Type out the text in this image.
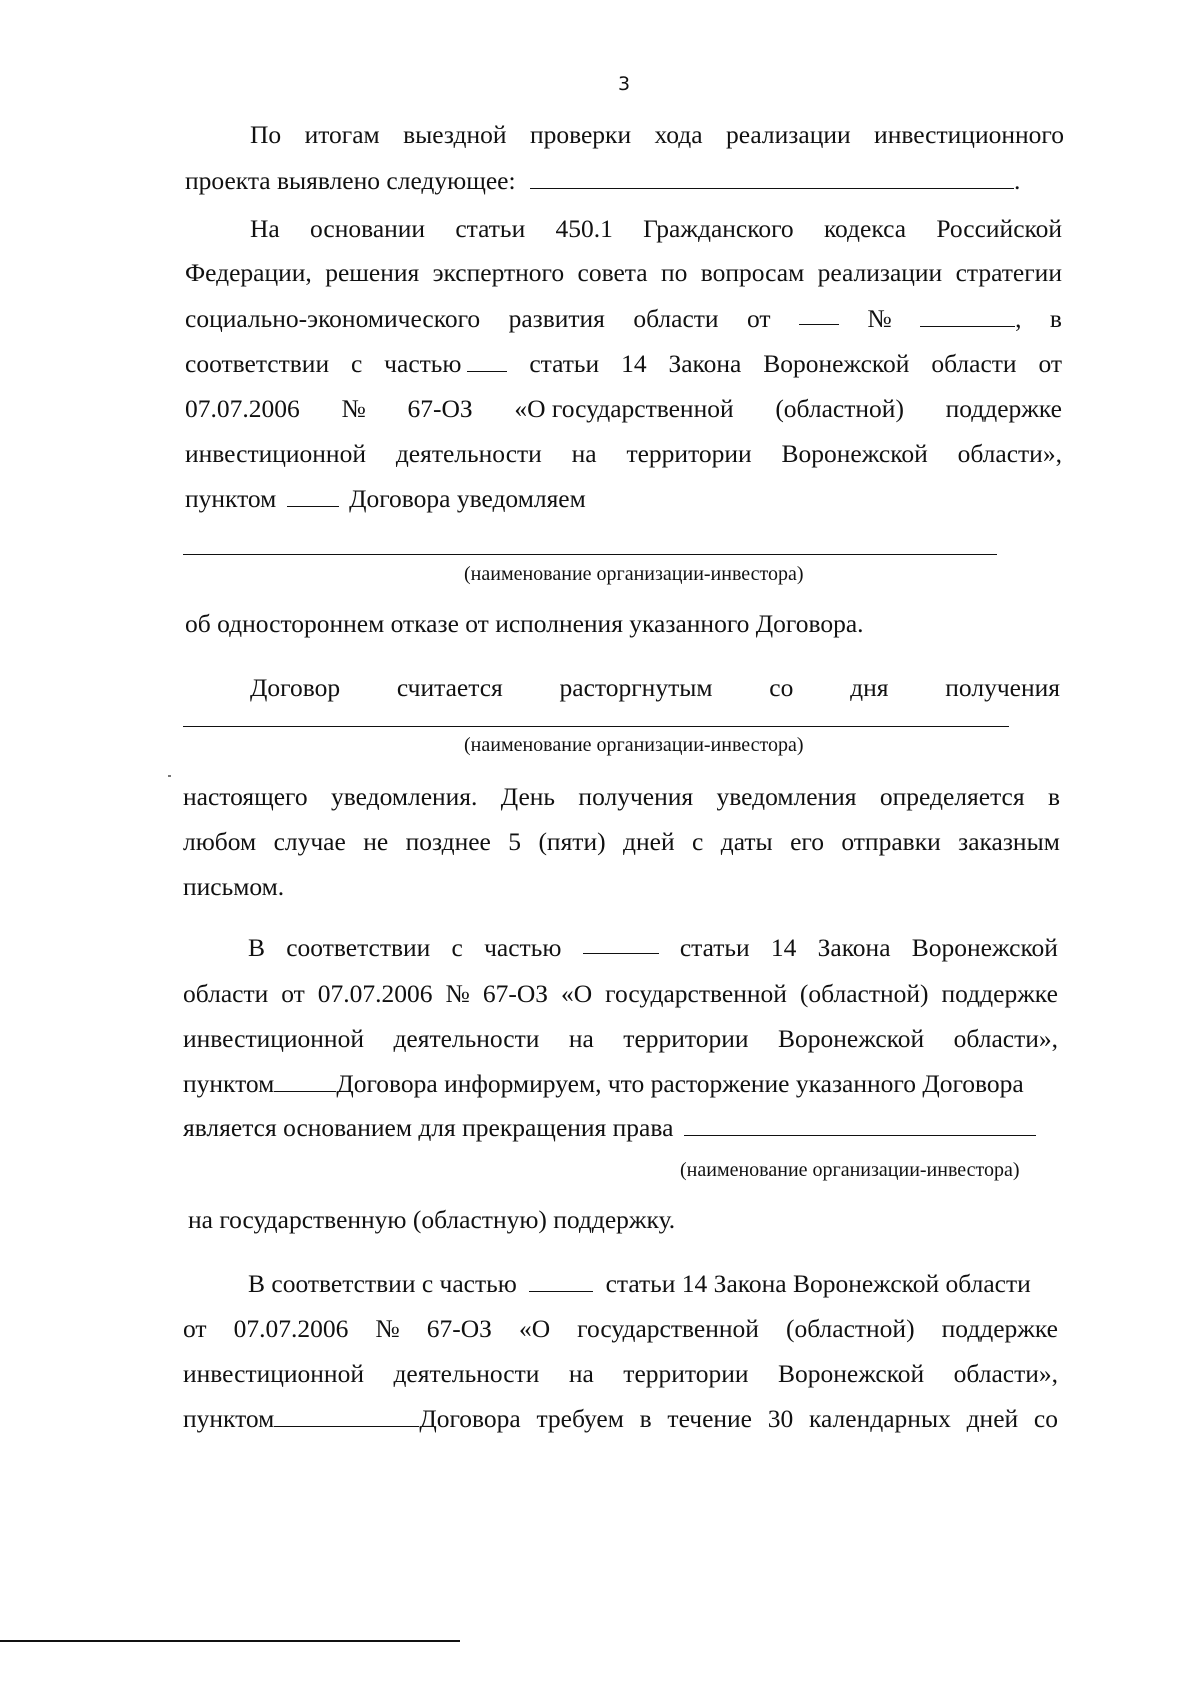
3
По итогам выездной проверки хода реализации инвестиционного
проекта выявлено следующее:	.
На основании статьи 450.1 Гражданского кодекса Российской
Федерации, решения экспертного совета по вопросам реализации стратегии
социально-экономического развития области от	№	, в
соответствии с частью	статьи 14 Закона Воронежской области от
07.07.2006 № 67-ОЗ «О государственной (областной) поддержке
инвестиционной деятельности на территории Воронежской области»,
пунктом	Договора уведомляем
(наименование организации-инвестора)
об одностороннем отказе от исполнения указанного Договора.
Договор считается расторгнутым со дня получения
(наименование организации-инвестора)
настоящего уведомления. День получения уведомления определяется в
любом случае не позднее 5 (пяти) дней с даты его отправки заказным
письмом.
В соответствии с частью	статьи 14 Закона Воронежской
области от 07.07.2006 № 67-ОЗ «О государственной (областной) поддержке
инвестиционной деятельности на территории Воронежской области»,
пунктом Договора информируем, что расторжение указанного Договора
является основанием для прекращения права
(наименование организации-инвестора)
на государственную (областную) поддержку.
В соответствии с частью	статьи 14 Закона Воронежской области
от 07.07.2006 № 67-ОЗ «О государственной (областной) поддержке
инвестиционной деятельности на территории Воронежской области»,
пунктом	Договора требуем в течение 30 календарных дней со
